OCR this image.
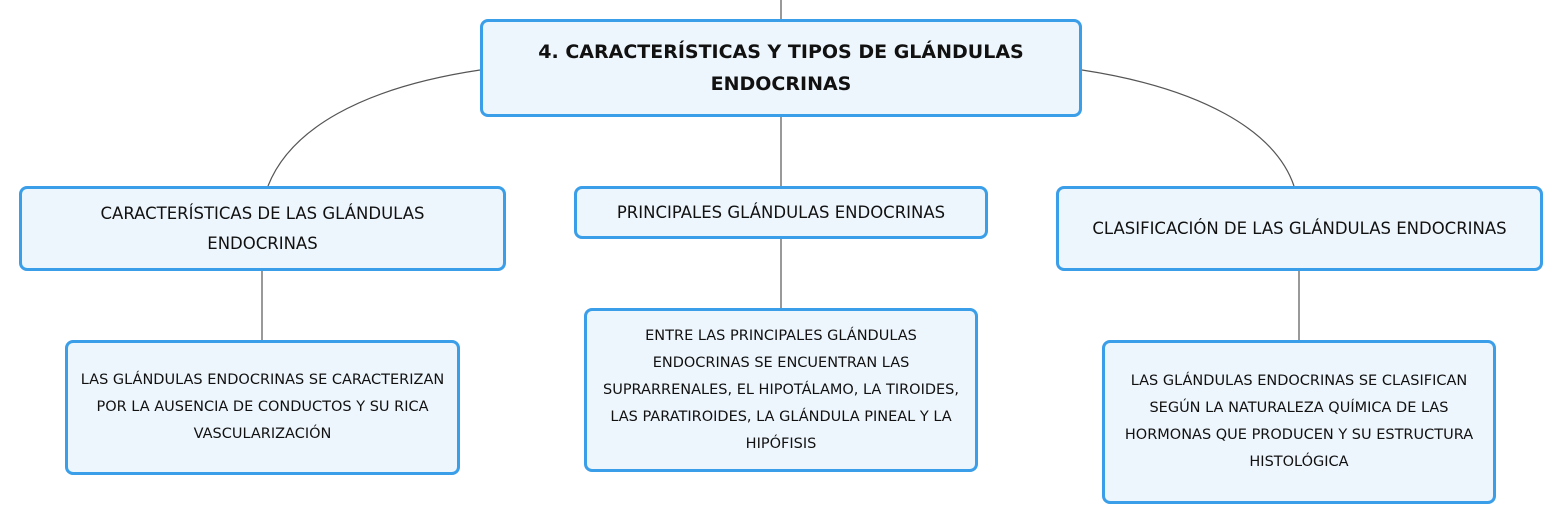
4. CARACTERÍSTICAS Y TIPOS DE GLÁNDULAS ENDOCRINAS
CARACTERÍSTICAS DE LAS GLÁNDULAS ENDOCRINAS
PRINCIPALES GLÁNDULAS ENDOCRINAS
CLASIFICACIÓN DE LAS GLÁNDULAS ENDOCRINAS
LAS GLÁNDULAS ENDOCRINAS SE CARACTERIZAN POR LA AUSENCIA DE CONDUCTOS Y SU RICA VASCULARIZACIÓN
ENTRE LAS PRINCIPALES GLÁNDULAS ENDOCRINAS SE ENCUENTRAN LAS SUPRARRENALES, EL HIPOTÁLAMO, LA TIROIDES, LAS PARATIROIDES, LA GLÁNDULA PINEAL Y LA HIPÓFISIS
LAS GLÁNDULAS ENDOCRINAS SE CLASIFICAN SEGÚN LA NATURALEZA QUÍMICA DE LAS HORMONAS QUE PRODUCEN Y SU ESTRUCTURA HISTOLÓGICA
